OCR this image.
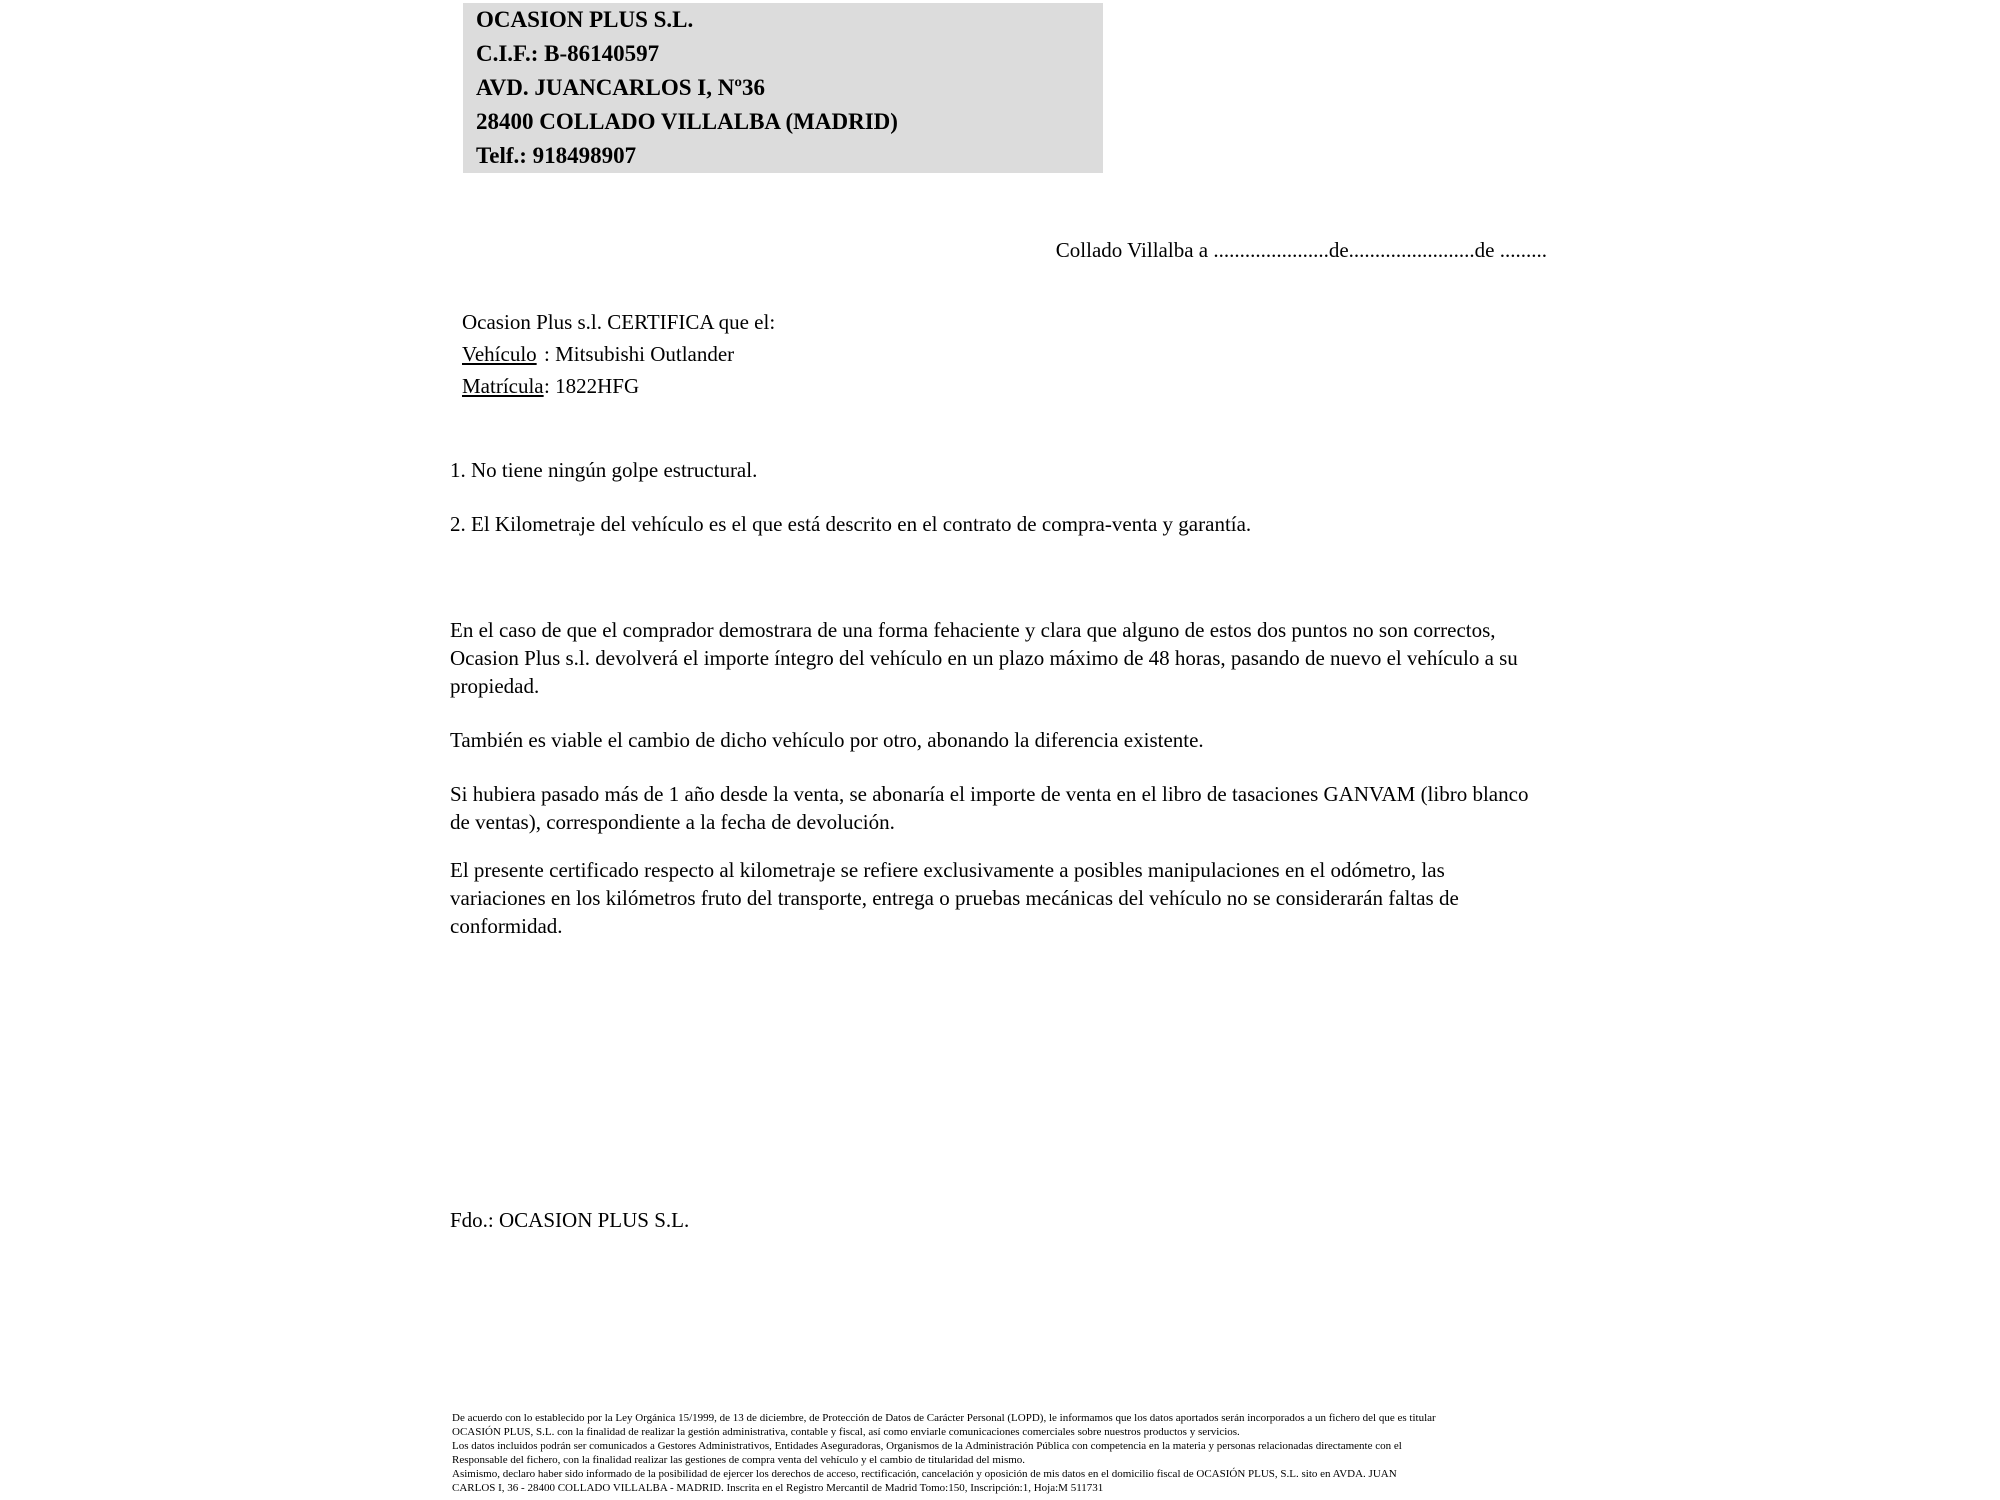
OCASION PLUS S.L.
C.I.F.: B-86140597
AVD. JUANCARLOS I, Nº36
28400 COLLADO VILLALBA (MADRID)
Telf.: 918498907
Collado Villalba a ......................de........................de .........
Ocasion Plus s.l. CERTIFICA que el:
Vehículo : Mitsubishi Outlander
Matrícula: 1822HFG
1. No tiene ningún golpe estructural.
2. El Kilometraje del vehículo es el que está descrito en el contrato de compra-venta y garantía.
En el caso de que el comprador demostrara de una forma fehaciente y clara que alguno de estos dos puntos no son correctos, Ocasion Plus s.l. devolverá el importe íntegro del vehículo en un plazo máximo de 48 horas, pasando de nuevo el vehículo a su propiedad.
También es viable el cambio de dicho vehículo por otro, abonando la diferencia existente.
Si hubiera pasado más de 1 año desde la venta, se abonaría el importe de venta en el libro de tasaciones GANVAM (libro blanco de ventas), correspondiente a la fecha de devolución.
El presente certificado respecto al kilometraje se refiere exclusivamente a posibles manipulaciones en el odómetro, las variaciones en los kilómetros fruto del transporte, entrega o pruebas mecánicas del vehículo no se considerarán faltas de conformidad.
Fdo.: OCASION PLUS S.L.
De acuerdo con lo establecido por la Ley Orgánica 15/1999, de 13 de diciembre, de Protección de Datos de Carácter Personal (LOPD), le informamos que los datos aportados serán incorporados a un fichero del que es titular
OCASIÓN PLUS, S.L. con la finalidad de realizar la gestión administrativa, contable y fiscal, así como enviarle comunicaciones comerciales sobre nuestros productos y servicios.
Los datos incluidos podrán ser comunicados a Gestores Administrativos, Entidades Aseguradoras, Organismos de la Administración Pública con competencia en la materia y personas relacionadas directamente con el
Responsable del fichero, con la finalidad realizar las gestiones de compra venta del vehículo y el cambio de titularidad del mismo.
Asimismo, declaro haber sido informado de la posibilidad de ejercer los derechos de acceso, rectificación, cancelación y oposición de mis datos en el domicilio fiscal de OCASIÓN PLUS, S.L. sito en AVDA. JUAN
CARLOS I, 36 - 28400 COLLADO VILLALBA - MADRID. Inscrita en el Registro Mercantil de Madrid Tomo:150, Inscripción:1, Hoja:M 511731
